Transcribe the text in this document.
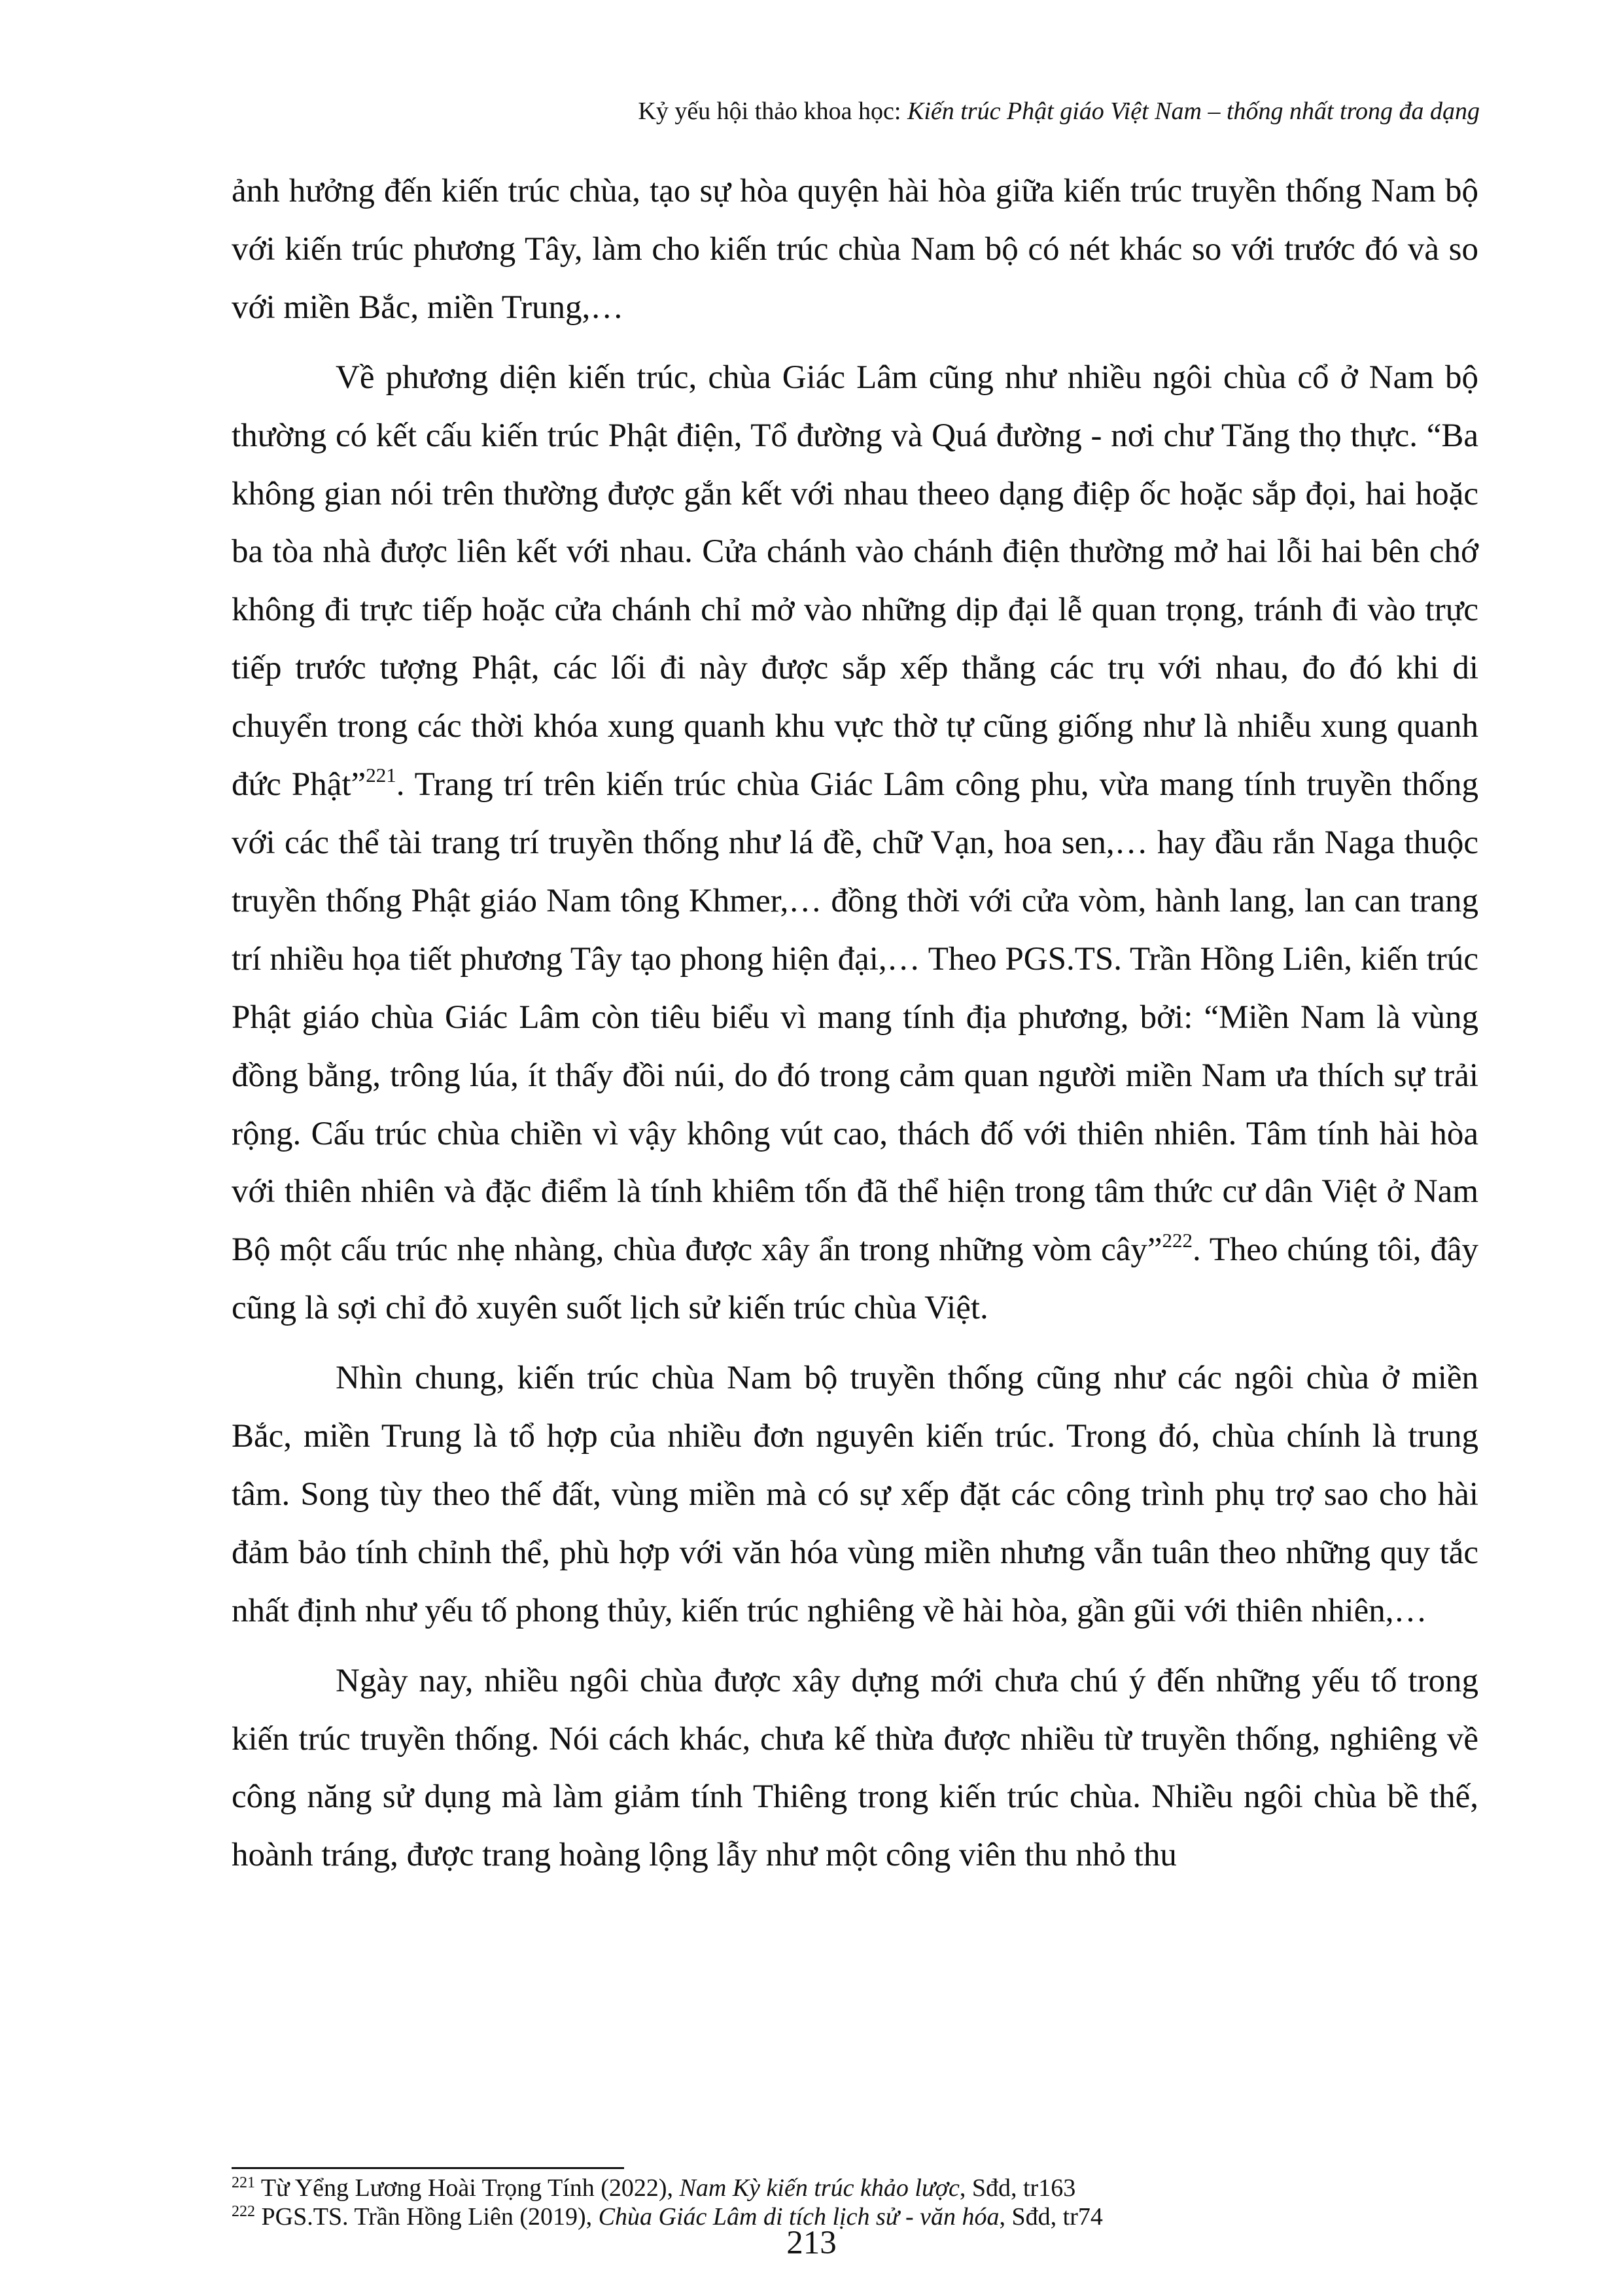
Kỷ yếu hội thảo khoa học: Kiến trúc Phật giáo Việt Nam – thống nhất trong đa dạng

ảnh hưởng đến kiến trúc chùa, tạo sự hòa quyện hài hòa giữa kiến trúc truyền thống Nam bộ với kiến trúc phương Tây, làm cho kiến trúc chùa Nam bộ có nét khác so với trước đó và so với miền Bắc, miền Trung,…

Về phương diện kiến trúc, chùa Giác Lâm cũng như nhiều ngôi chùa cổ ở Nam bộ thường có kết cấu kiến trúc Phật điện, Tổ đường và Quá đường - nơi chư Tăng thọ thực. “Ba không gian nói trên thường được gắn kết với nhau theeo dạng điệp ốc hoặc sắp đọi, hai hoặc ba tòa nhà được liên kết với nhau. Cửa chánh vào chánh điện thường mở hai lỗi hai bên chớ không đi trực tiếp hoặc cửa chánh chỉ mở vào những dịp đại lễ quan trọng, tránh đi vào trực tiếp trước tượng Phật, các lối đi này được sắp xếp thẳng các trụ với nhau, đo đó khi di chuyển trong các thời khóa xung quanh khu vực thờ tự cũng giống như là nhiễu xung quanh đức Phật”$^{221}$. Trang trí trên kiến trúc chùa Giác Lâm công phu, vừa mang tính truyền thống với các thể tài trang trí truyền thống như lá đề, chữ Vạn, hoa sen,… hay đầu rắn Naga thuộc truyền thống Phật giáo Nam tông Khmer,… đồng thời với cửa vòm, hành lang, lan can trang trí nhiều họa tiết phương Tây tạo phong hiện đại,… Theo PGS.TS. Trần Hồng Liên, kiến trúc Phật giáo chùa Giác Lâm còn tiêu biểu vì mang tính địa phương, bởi: “Miền Nam là vùng đồng bằng, trông lúa, ít thấy đồi núi, do đó trong cảm quan người miền Nam ưa thích sự trải rộng. Cấu trúc chùa chiền vì vậy không vút cao, thách đố với thiên nhiên. Tâm tính hài hòa với thiên nhiên và đặc điểm là tính khiêm tốn đã thể hiện trong tâm thức cư dân Việt ở Nam Bộ một cấu trúc nhẹ nhàng, chùa được xây ẩn trong những vòm cây”$^{222}$. Theo chúng tôi, đây cũng là sợi chỉ đỏ xuyên suốt lịch sử kiến trúc chùa Việt.

Nhìn chung, kiến trúc chùa Nam bộ truyền thống cũng như các ngôi chùa ở miền Bắc, miền Trung là tổ hợp của nhiều đơn nguyên kiến trúc. Trong đó, chùa chính là trung tâm. Song tùy theo thế đất, vùng miền mà có sự xếp đặt các công trình phụ trợ sao cho hài đảm bảo tính chỉnh thể, phù hợp với văn hóa vùng miền nhưng vẫn tuân theo những quy tắc nhất định như yếu tố phong thủy, kiến trúc nghiêng về hài hòa, gần gũi với thiên nhiên,…

Ngày nay, nhiều ngôi chùa được xây dựng mới chưa chú ý đến những yếu tố trong kiến trúc truyền thống. Nói cách khác, chưa kế thừa được nhiều từ truyền thống, nghiêng về công năng sử dụng mà làm giảm tính Thiêng trong kiến trúc chùa. Nhiều ngôi chùa bề thế, hoành tráng, được trang hoàng lộng lẫy như một công viên thu nhỏ thu

$^{221}$ Từ Yểng Lương Hoài Trọng Tính (2022), Nam Kỳ kiến trúc khảo lược, Sđd, tr163
$^{222}$ PGS.TS. Trần Hồng Liên (2019), Chùa Giác Lâm di tích lịch sử - văn hóa, Sđd, tr74
213
